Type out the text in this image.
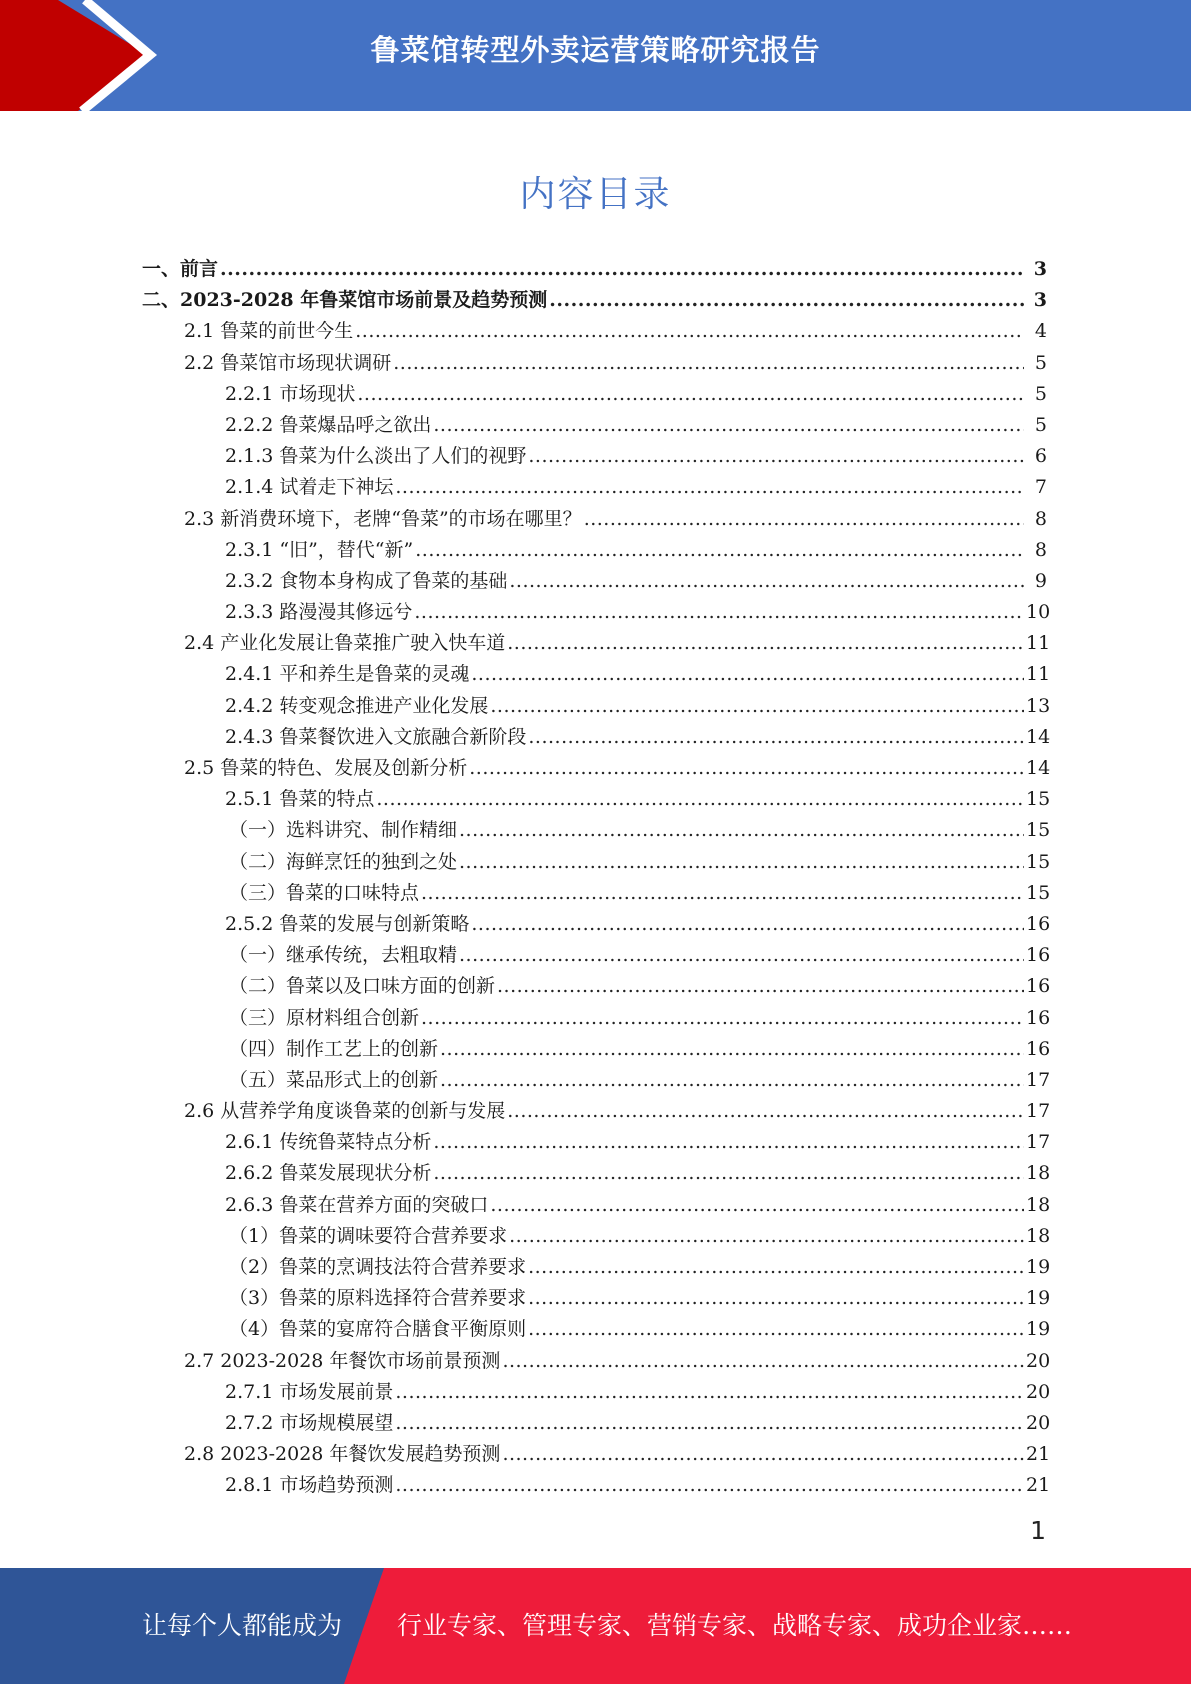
鲁菜馆转型外卖运营策略研究报告
内容目录
一、前言 .....	3
二、2023-2028 年鲁菜馆市场前景及趋势预测 .....	3
2.1 鲁菜的前世今生 .....	4
2.2 鲁菜馆市场现状调研 .....	5
2.2.1 市场现状 .....	5
2.2.2 鲁菜爆品呼之欲出 .....	5
2.1.3 鲁菜为什么淡出了人们的视野 .....	6
2.1.4 试着走下神坛 .....	7
2.3 新消费环境下，老牌“鲁菜”的市场在哪里？ .....	8
2.3.1 “旧”，替代“新” .....	8
2.3.2 食物本身构成了鲁菜的基础 .....	9
2.3.3 路漫漫其修远兮 .....	10
2.4 产业化发展让鲁菜推广驶入快车道 .....	11
2.4.1 平和养生是鲁菜的灵魂 .....	11
2.4.2 转变观念推进产业化发展 .....	13
2.4.3 鲁菜餐饮进入文旅融合新阶段 .....	14
2.5 鲁菜的特色、发展及创新分析 .....	14
2.5.1 鲁菜的特点 .....	15
（一）选料讲究、制作精细 .....	15
（二）海鲜烹饪的独到之处 .....	15
（三）鲁菜的口味特点 .....	15
2.5.2 鲁菜的发展与创新策略 .....	16
（一）继承传统，去粗取精 .....	16
（二）鲁菜以及口味方面的创新 .....	16
（三）原材料组合创新 .....	16
（四）制作工艺上的创新 .....	16
（五）菜品形式上的创新 .....	17
2.6 从营养学角度谈鲁菜的创新与发展 .....	17
2.6.1 传统鲁菜特点分析 .....	17
2.6.2 鲁菜发展现状分析 .....	18
2.6.3 鲁菜在营养方面的突破口 .....	18
（1）鲁菜的调味要符合营养要求 .....	18
（2）鲁菜的烹调技法符合营养要求 .....	19
（3）鲁菜的原料选择符合营养要求 .....	19
（4）鲁菜的宴席符合膳食平衡原则 .....	19
2.7 2023-2028 年餐饮市场前景预测 .....	20
2.7.1 市场发展前景 .....	20
2.7.2 市场规模展望 .....	20
2.8 2023-2028 年餐饮发展趋势预测 .....	21
2.8.1 市场趋势预测 .....	21
1
让每个人都能成为 行业专家、管理专家、营销专家、战略专家、成功企业家……
